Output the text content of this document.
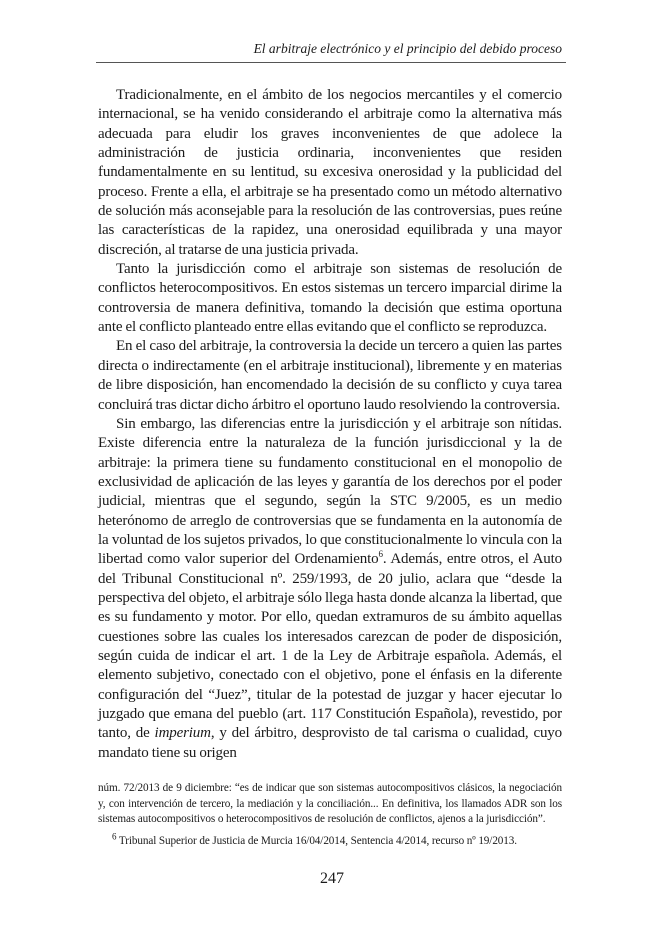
El arbitraje electrónico y el principio del debido proceso

Tradicionalmente, en el ámbito de los negocios mercantiles y el comercio internacional, se ha venido considerando el arbitraje como la alternativa más adecuada para eludir los graves inconvenientes de que adolece la administración de justicia ordinaria, inconvenientes que residen fundamentalmente en su lentitud, su excesiva onerosidad y la publicidad del proceso. Frente a ella, el arbitraje se ha presentado como un método alternativo de solución más aconsejable para la resolución de las controversias, pues reúne las características de la rapidez, una onerosidad equilibrada y una mayor discreción, al tratarse de una justicia privada.

Tanto la jurisdicción como el arbitraje son sistemas de resolución de conflictos heterocompositivos. En estos sistemas un tercero imparcial dirime la controversia de manera definitiva, tomando la decisión que estima oportuna ante el conflicto planteado entre ellas evitando que el conflicto se reproduzca.

En el caso del arbitraje, la controversia la decide un tercero a quien las partes directa o indirectamente (en el arbitraje institucional), libremente y en materias de libre disposición, han encomendado la decisión de su conflicto y cuya tarea concluirá tras dictar dicho árbitro el oportuno laudo resolviendo la controversia.

Sin embargo, las diferencias entre la jurisdicción y el arbitraje son nítidas. Existe diferencia entre la naturaleza de la función jurisdiccional y la de arbitraje: la primera tiene su fundamento constitucional en el monopolio de exclusividad de aplicación de las leyes y garantía de los derechos por el poder judicial, mientras que el segundo, según la STC 9/2005, es un medio heterónomo de arreglo de controversias que se fundamenta en la autonomía de la voluntad de los sujetos privados, lo que constitucionalmente lo vincula con la libertad como valor superior del Ordenamiento$^6$. Además, entre otros, el Auto del Tribunal Constitucional nº. 259/1993, de 20 julio, aclara que “desde la perspectiva del objeto, el arbitraje sólo llega hasta donde alcanza la libertad, que es su fundamento y motor. Por ello, quedan extramuros de su ámbito aquellas cuestiones sobre las cuales los interesados carezcan de poder de disposición, según cuida de indicar el art. 1 de la Ley de Arbitraje española. Además, el elemento subjetivo, conectado con el objetivo, pone el énfasis en la diferente configuración del “Juez”, titular de la potestad de juzgar y hacer ejecutar lo juzgado que emana del pueblo (art. 117 Constitución Española), revestido, por tanto, de imperium, y del árbitro, desprovisto de tal carisma o cualidad, cuyo mandato tiene su origen

núm. 72/2013 de 9 diciembre: “es de indicar que son sistemas autocompositivos clásicos, la negociación y, con intervención de tercero, la mediación y la conciliación... En definitiva, los llamados ADR son los sistemas autocompositivos o heterocompositivos de resolución de conflictos, ajenos a la jurisdicción”.

$^6$ Tribunal Superior de Justicia de Murcia 16/04/2014, Sentencia 4/2014, recurso nº 19/2013.

247
